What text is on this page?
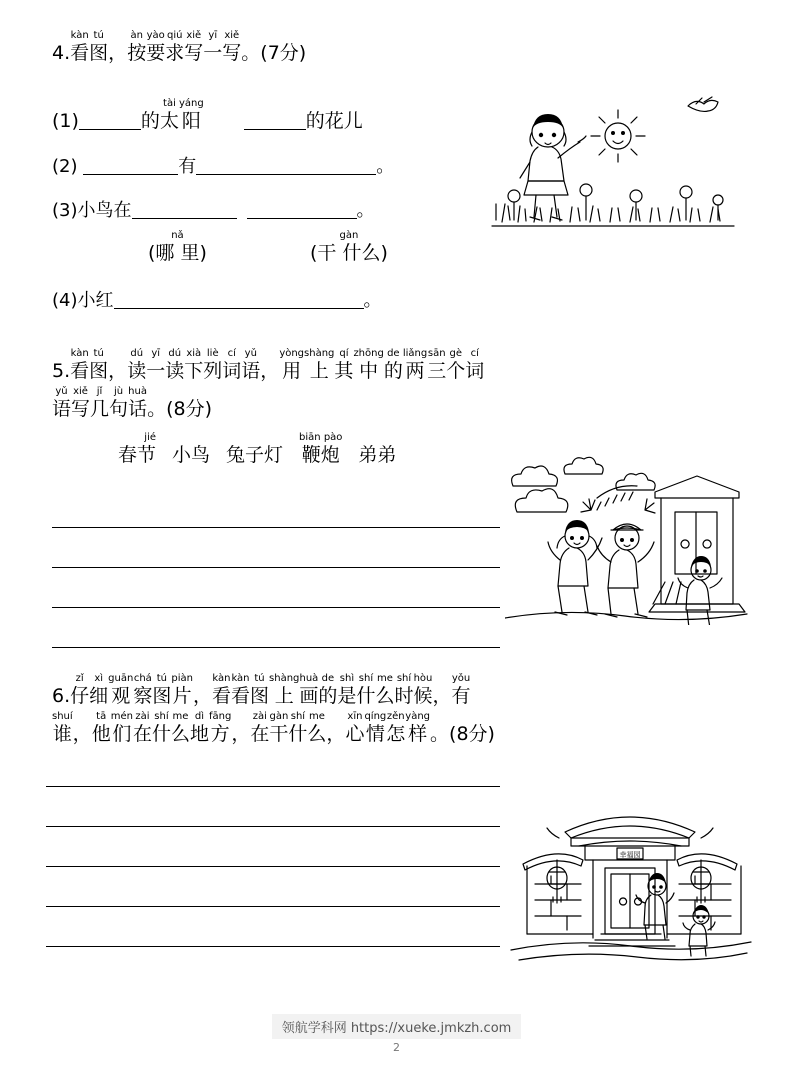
4.
kàn
看
tú
图 ，
àn
按
yào
要
qiú
求
xiě
写
yī
一
xiě
写 。 (7分)
(1)	的
tài
太
yáng
阳	的花儿
(2)	有	。
(3)小鸟在	。
nǎ
(哪 里)
gàn
(干 什么)
(4)小红	。
5.
kàn
看
tú
图 ，
dú
读
yī
一
dú
读
xià
下
liè
列
cí
词
yǔ
语 ，
yòng
用
shàng
上
qí
其
zhōng
中
de
的
liǎng
两
sān
三
gè
个
cí
词
yǔ
语
xiě
写
jǐ
几
jù
句
huà
话 。 (8分)
jié
春节 小鸟 兔子灯
biān pào
鞭炮 弟弟
6.
zǐ
仔
xì
细
guān
观
chá
察
tú
图
piàn
片 ，
kàn
看
kàn
看
tú
图
shàng
上
huà
画
de
的
shì
是
shí
什
me
么
shí
时
hòu
候 ，
yǒu
有
shuí
谁 ，
tā
他
mén
们
zài
在
shí
什
me
么
dì
地
fāng
方 ，
zài
在
gàn
干
shí
什
me
么 ，
xīn
心
qíng
情
zěn
怎
yàng
样 。 (8分)
幸福园
领航学科网 https://xueke.jmkzh.com
2
